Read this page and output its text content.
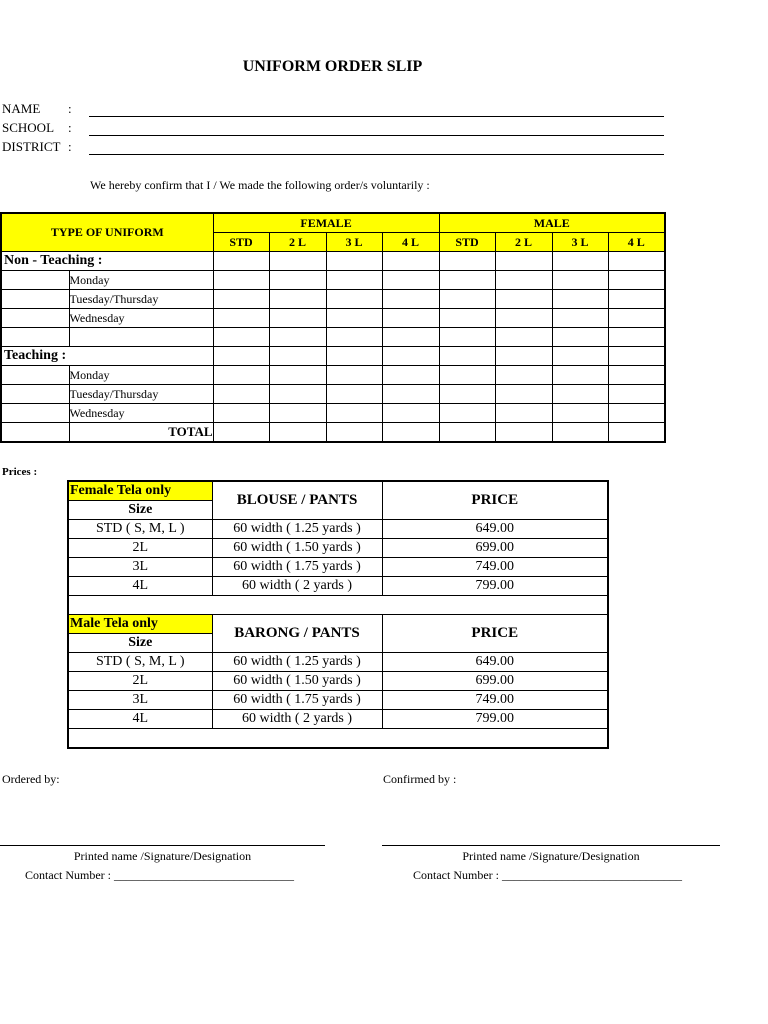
UNIFORM ORDER SLIP
NAME :
SCHOOL :
DISTRICT :
We hereby confirm that I / We made the following order/s voluntarily :
TYPE OF UNIFORM		FEMALE				MALE			
		STD	2 L	3 L	4 L	STD	2 L	3 L	4 L
Non - Teaching :									
	Monday								
	Tuesday/Thursday								
	Wednesday								

Teaching :									
	Monday								
	Tuesday/Thursday								
	Wednesday								
	TOTAL								
Prices :
Female Tela only	BLOUSE / PANTS	PRICE
Size		
STD ( S, M, L )	60 width ( 1.25 yards )	649.00
2L	60 width ( 1.50 yards )	699.00
3L	60 width ( 1.75 yards )	749.00
4L	60 width ( 2 yards )	799.00

Male Tela only	BARONG / PANTS	PRICE
Size		
STD ( S, M, L )	60 width ( 1.25 yards )	649.00
2L	60 width ( 1.50 yards )	699.00
3L	60 width ( 1.75 yards )	749.00
4L	60 width ( 2 yards )	799.00

Ordered by:	Confirmed by :
Printed name /Signature/Designation	Printed name /Signature/Designation
Contact Number : ______________________________	Contact Number : ______________________________
